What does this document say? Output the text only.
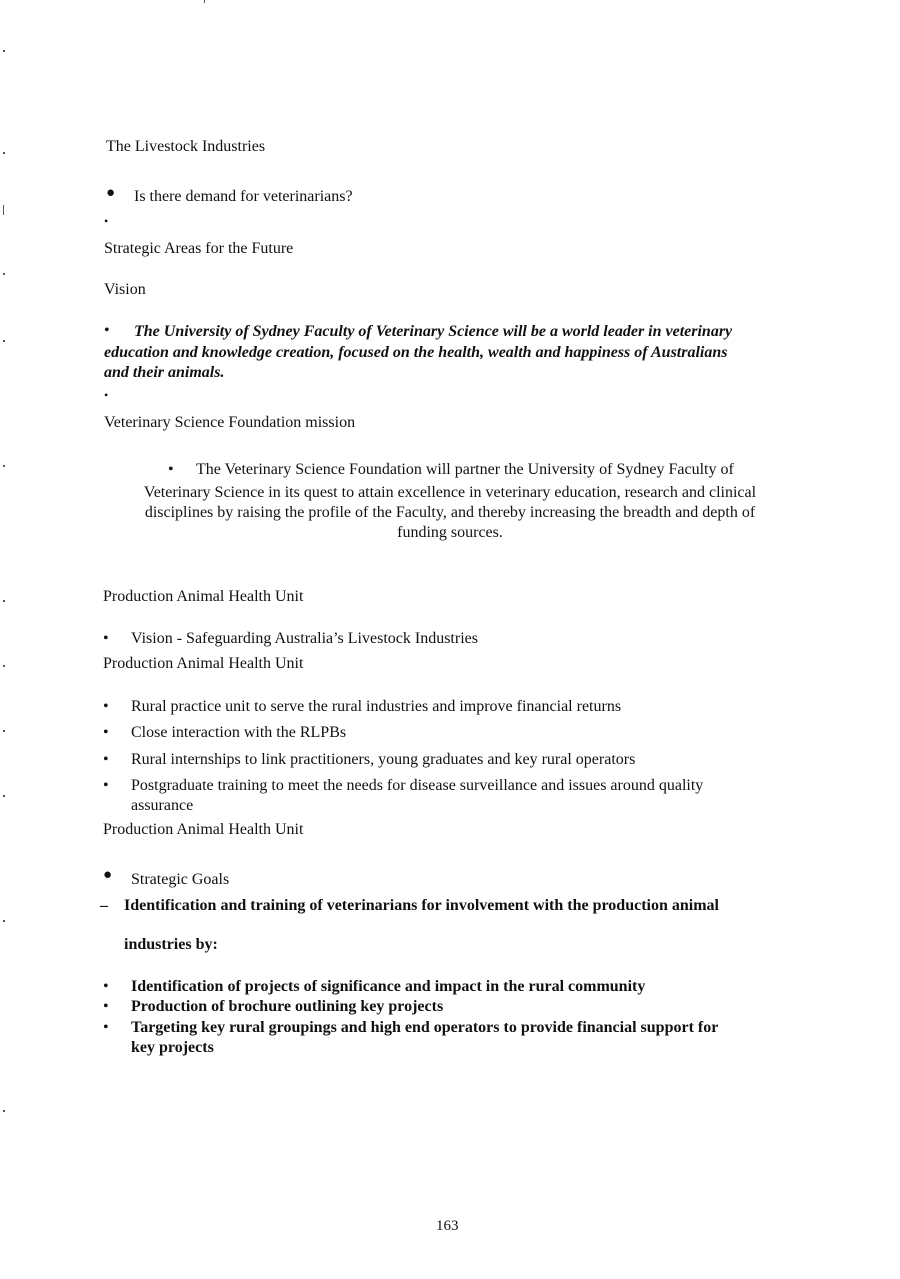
The Livestock Industries
● Is there demand for veterinarians?
•
Strategic Areas for the Future
Vision
• The University of Sydney Faculty of Veterinary Science will be a world leader in veterinary
education and knowledge creation, focused on the health, wealth and happiness of Australians
and their animals.
•
Veterinary Science Foundation mission
• The Veterinary Science Foundation will partner the University of Sydney Faculty of
Veterinary Science in its quest to attain excellence in veterinary education, research and clinical
disciplines by raising the profile of the Faculty, and thereby increasing the breadth and depth of
funding sources.
Production Animal Health Unit
• Vision - Safeguarding Australia’s Livestock Industries
Production Animal Health Unit
• Rural practice unit to serve the rural industries and improve financial returns
• Close interaction with the RLPBs
• Rural internships to link practitioners, young graduates and key rural operators
• Postgraduate training to meet the needs for disease surveillance and issues around quality
assurance
Production Animal Health Unit
● Strategic Goals
– Identification and training of veterinarians for involvement with the production animal
industries by:
• Identification of projects of significance and impact in the rural community
• Production of brochure outlining key projects
• Targeting key rural groupings and high end operators to provide financial support for
key projects
163
